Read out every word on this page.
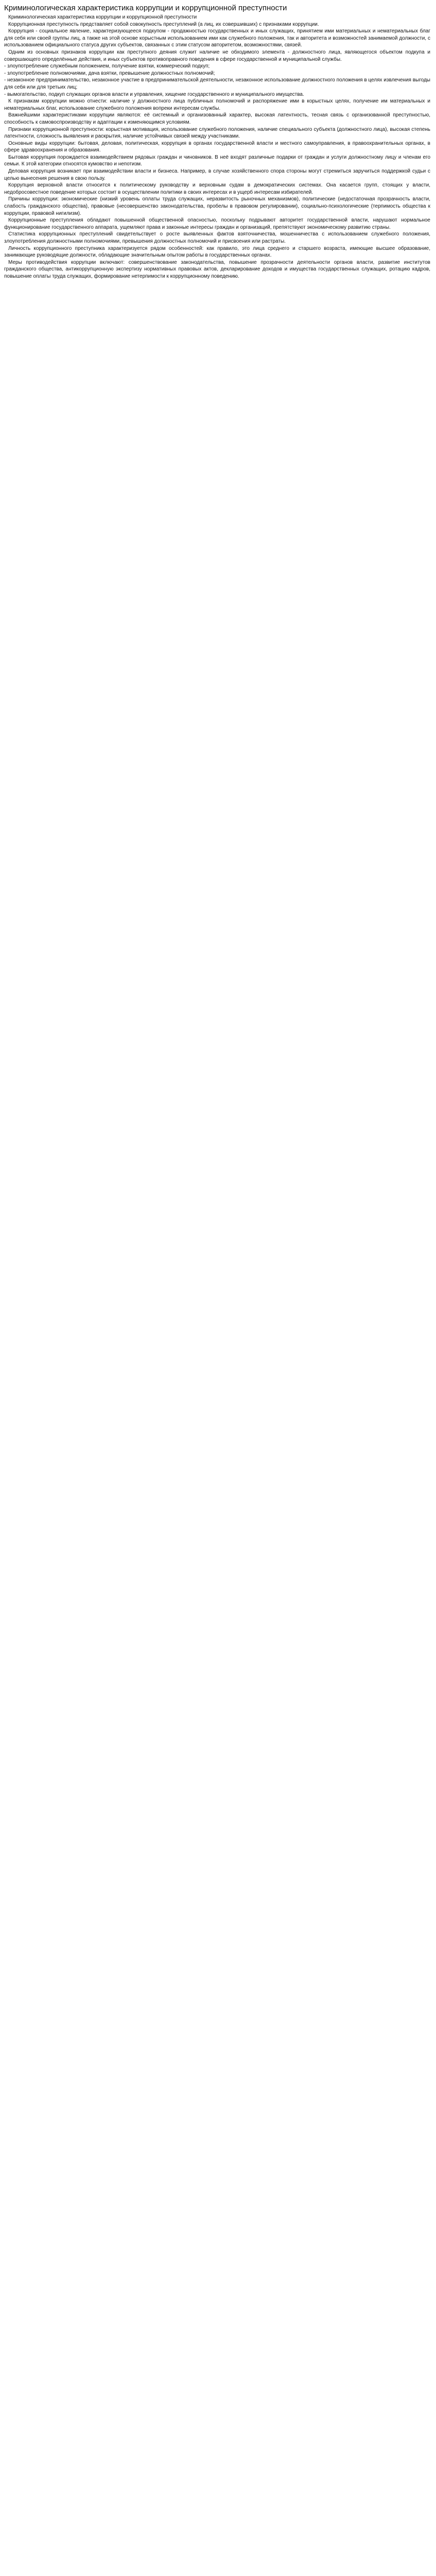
Криминологическая характеристика коррупции и коррупционной преступности

Криминологическая характеристика коррупции и коррупционной преступности

Коррупционная преступность представляет собой совокупность преступлений (а лиц, их совершивших) с признаками коррупции.

Коррупция - социальное явление, характеризующееся подкупом - продажностью государственных и иных служащих, принятием ими материальных и нематериальных благ для себя или своей группы лиц, а также на этой основе корыстным использованием ими как служебного положения, так и авторитета и возможностей занимаемой должности, с использованием официального статуса других субъектов, связанных с этим статусом авторитетом, возможностями, связей.

Одним из основных признаков коррупции как преступного деяния служит наличие не обходимого элемента - должностного лица, являющегося объектом подкупа и совершающего определённые действия, и иных субъектов противоправного поведения в сфере государственной и муниципальной службы.

- злоупотребление служебным положением, получение взятки, коммерческий подкуп;

- злоупотребление полномочиями, дача взятки, превышение должностных полномочий;

- незаконное предпринимательство, незаконное участие в предпринимательской деятельности, незаконное использование должностного положения в целях извлечения выгоды для себя или для третьих лиц;

- вымогательство, подкуп служащих органов власти и управления, хищение государственного и муниципального имущества.

К признакам коррупции можно отнести: наличие у должностного лица публичных полномочий и распоряжение ими в корыстных целях, получение им материальных и нематериальных благ, использование служебного положения вопреки интересам службы.

Важнейшими характеристиками коррупции являются: её системный и организованный характер, высокая латентность, тесная связь с организованной преступностью, способность к самовоспроизводству и адаптации к изменяющимся условиям.

Признаки коррупционной преступности: корыстная мотивация, использование служебного положения, наличие специального субъекта (должностного лица), высокая степень латентности, сложность выявления и раскрытия, наличие устойчивых связей между участниками.

Основные виды коррупции: бытовая, деловая, политическая, коррупция в органах государственной власти и местного самоуправления, в правоохранительных органах, в сфере здравоохранения и образования.

Бытовая коррупция порождается взаимодействием рядовых граждан и чиновников. В неё входят различные подарки от граждан и услуги должностному лицу и членам его семьи. К этой категории относятся кумовство и непотизм.

Деловая коррупция возникает при взаимодействии власти и бизнеса. Например, в случае хозяйственного спора стороны могут стремиться заручиться поддержкой судьи с целью вынесения решения в свою пользу.

Коррупция верховной власти относится к политическому руководству и верховным судам в демократических системах. Она касается групп, стоящих у власти, недобросовестное поведение которых состоит в осуществлении политики в своих интересах и в ущерб интересам избирателей.

Причины коррупции: экономические (низкий уровень оплаты труда служащих, неразвитость рыночных механизмов), политические (недостаточная прозрачность власти, слабость гражданского общества), правовые (несовершенство законодательства, пробелы в правовом регулировании), социально-психологические (терпимость общества к коррупции, правовой нигилизм).

Коррупционные преступления обладают повышенной общественной опасностью, поскольку подрывают авторитет государственной власти, нарушают нормальное функционирование государственного аппарата, ущемляют права и законные интересы граждан и организаций, препятствуют экономическому развитию страны.

Статистика коррупционных преступлений свидетельствует о росте выявленных фактов взяточничества, мошенничества с использованием служебного положения, злоупотребления должностными полномочиями, превышения должностных полномочий и присвоения или растраты.

Личность коррупционного преступника характеризуется рядом особенностей: как правило, это лица среднего и старшего возраста, имеющие высшее образование, занимающие руководящие должности, обладающие значительным опытом работы в государственных органах.

Меры противодействия коррупции включают: совершенствование законодательства, повышение прозрачности деятельности органов власти, развитие институтов гражданского общества, антикоррупционную экспертизу нормативных правовых актов, декларирование доходов и имущества государственных служащих, ротацию кадров, повышение оплаты труда служащих, формирование нетерпимости к коррупционному поведению.
